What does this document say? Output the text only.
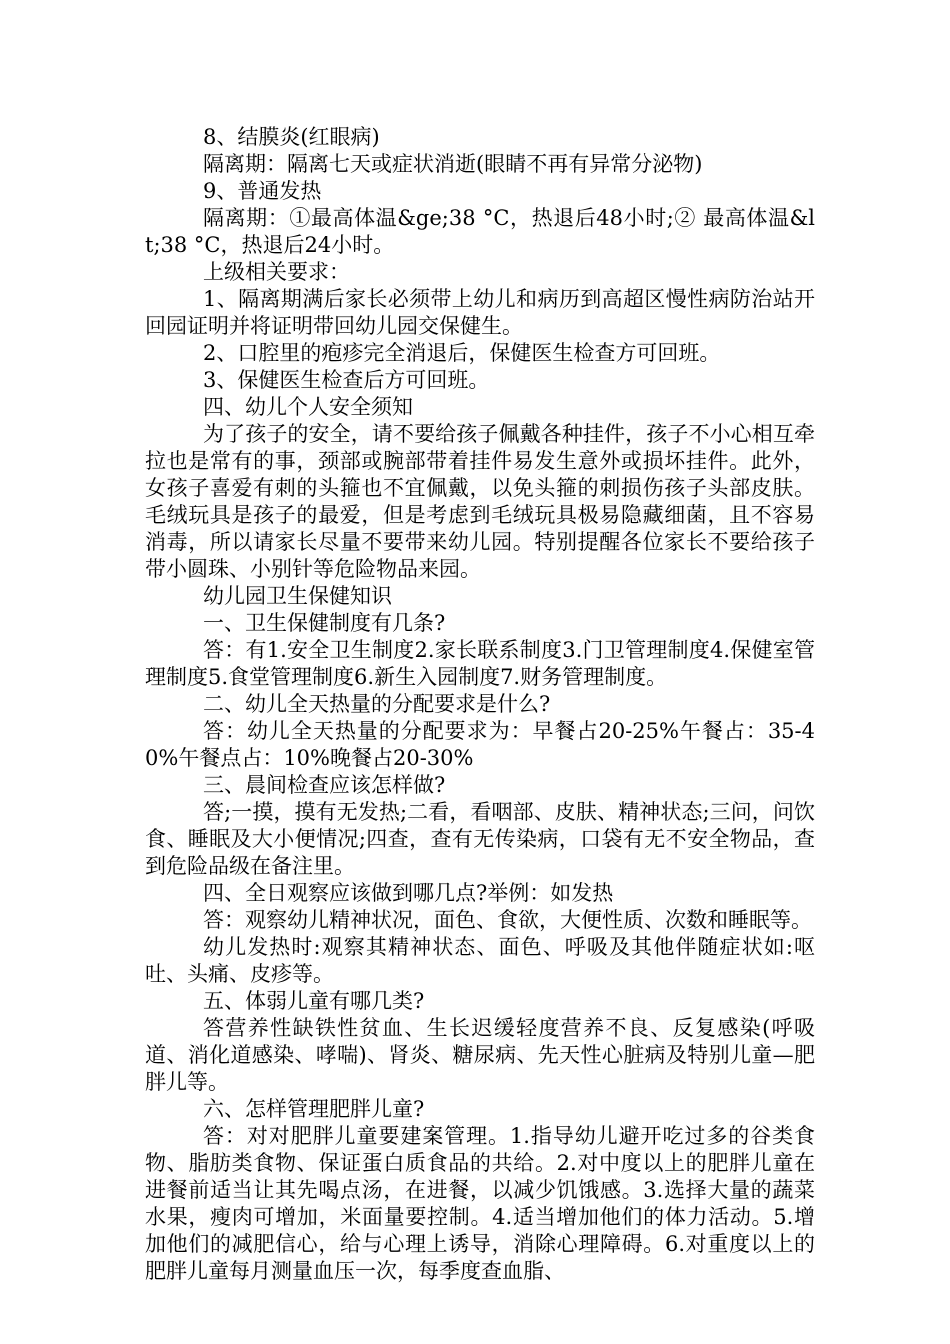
8、结膜炎(红眼病)

隔离期：隔离七天或症状消逝(眼睛不再有异常分泌物)

9、普通发热

隔离期：①最高体温&ge;38 °C，热退后48小时;② 最高体温&lt;38 °C，热退后24小时。

上级相关要求：

1、隔离期满后家长必须带上幼儿和病历到高超区慢性病防治站开回园证明并将证明带回幼儿园交保健生。

2、口腔里的疱疹完全消退后，保健医生检查方可回班。

3、保健医生检查后方可回班。

四、幼儿个人安全须知

为了孩子的安全，请不要给孩子佩戴各种挂件，孩子不小心相互牵拉也是常有的事，颈部或腕部带着挂件易发生意外或损坏挂件。此外，女孩子喜爱有刺的头箍也不宜佩戴，以免头箍的刺损伤孩子头部皮肤。毛绒玩具是孩子的最爱，但是考虑到毛绒玩具极易隐藏细菌，且不容易消毒，所以请家长尽量不要带来幼儿园。特别提醒各位家长不要给孩子带小圆珠、小别针等危险物品来园。

幼儿园卫生保健知识

一、卫生保健制度有几条?

答：有1.安全卫生制度2.家长联系制度3.门卫管理制度4.保健室管理制度5.食堂管理制度6.新生入园制度7.财务管理制度。

二、幼儿全天热量的分配要求是什么?

答：幼儿全天热量的分配要求为：早餐占20-25%午餐占：35-40%午餐点占：10%晚餐占20-30%

三、晨间检查应该怎样做?

答;一摸，摸有无发热;二看，看咽部、皮肤、精神状态;三问，问饮食、睡眠及大小便情况;四查，查有无传染病，口袋有无不安全物品，查到危险品级在备注里。

四、全日观察应该做到哪几点?举例：如发热

答：观察幼儿精神状况，面色、食欲，大便性质、次数和睡眠等。

幼儿发热时:观察其精神状态、面色、呼吸及其他伴随症状如:呕吐、头痛、皮疹等。

五、体弱儿童有哪几类?

答营养性缺铁性贫血、生长迟缓轻度营养不良、反复感染(呼吸道、消化道感染、哮喘)、肾炎、糖尿病、先天性心脏病及特别儿童—肥胖儿等。

六、怎样管理肥胖儿童?

答：对对肥胖儿童要建案管理。1.指导幼儿避开吃过多的谷类食物、脂肪类食物、保证蛋白质食品的共给。2.对中度以上的肥胖儿童在进餐前适当让其先喝点汤，在进餐，以减少饥饿感。3.选择大量的蔬菜水果，瘦肉可增加，米面量要控制。4.适当增加他们的体力活动。5.增加他们的减肥信心，给与心理上诱导，消除心理障碍。6.对重度以上的肥胖儿童每月测量血压一次，每季度查血脂、
